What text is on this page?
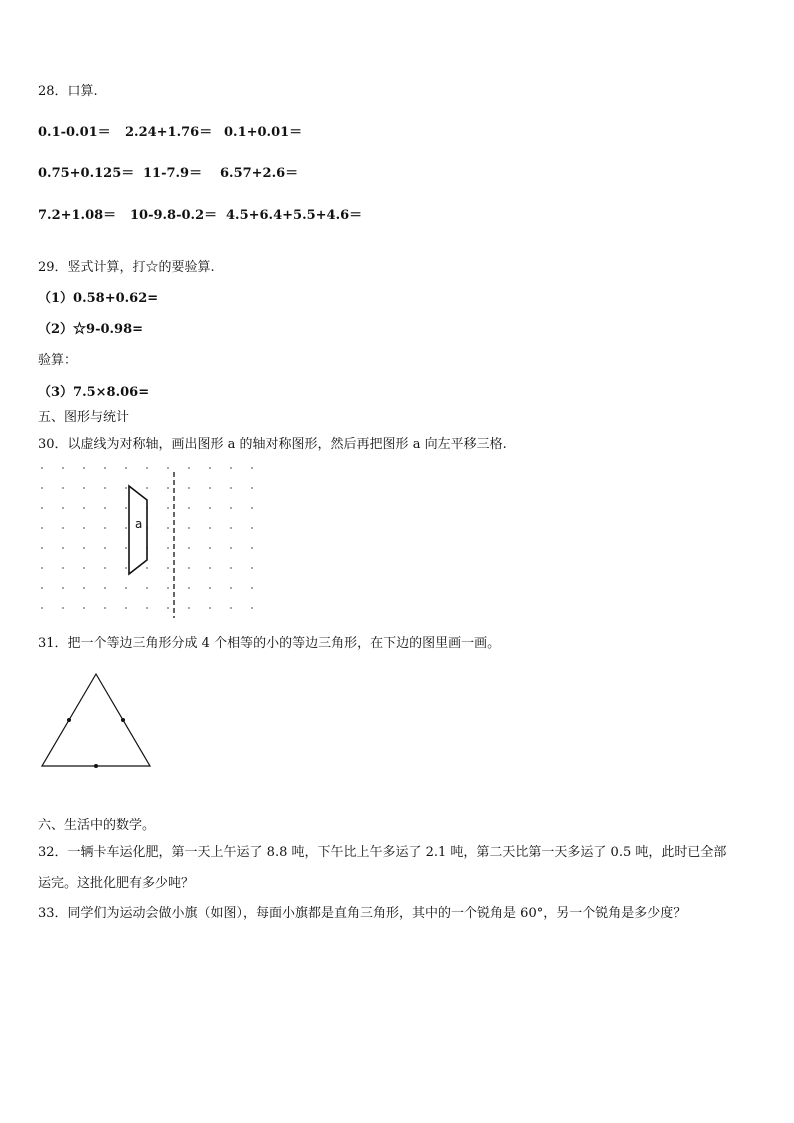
28．口算.
0.1-0.01＝ 2.24+1.76＝ 0.1+0.01＝
0.75+0.125＝ 11-7.9＝ 6.57+2.6＝
7.2+1.08＝ 10-9.8-0.2＝ 4.5+6.4+5.5+4.6＝
29．竖式计算，打☆的要验算.
（1）0.58+0.62=
（2）☆9-0.98=
验算：
（3）7.5×8.06=
五、图形与统计
30．以虚线为对称轴，画出图形 a 的轴对称图形，然后再把图形 a 向左平移三格.
a
31．把一个等边三角形分成 4 个相等的小的等边三角形，在下边的图里画一画。
六、生活中的数学。
32．一辆卡车运化肥，第一天上午运了 8.8 吨，下午比上午多运了 2.1 吨，第二天比第一天多运了 0.5 吨，此时已全部
运完。这批化肥有多少吨？
33．同学们为运动会做小旗（如图），每面小旗都是直角三角形，其中的一个锐角是 60°，另一个锐角是多少度？
